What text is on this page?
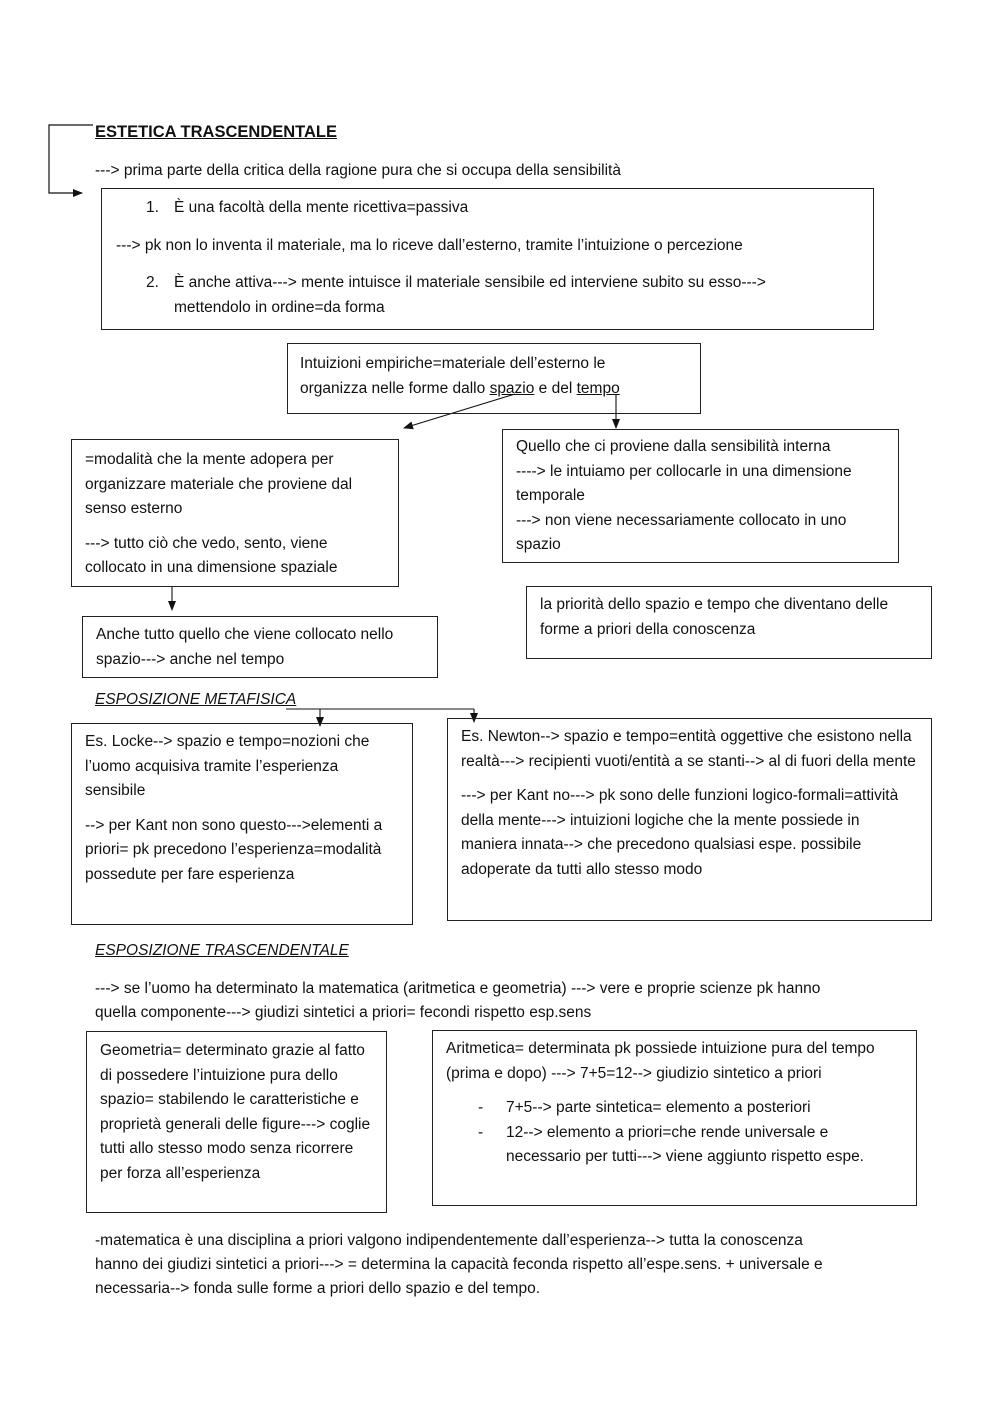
ESTETICA TRASCENDENTALE
---> prima parte della critica della ragione pura che si occupa della sensibilità
1. È una facoltà della mente ricettiva=passiva

---> pk non lo inventa il materiale, ma lo riceve dall’esterno, tramite l’intuizione o percezione

2. È anche attiva---> mente intuisce il materiale sensibile ed interviene subito su esso--->
mettendolo in ordine=da forma
Intuizioni empiriche=materiale dell’esterno le
organizza nelle forme dallo spazio e del tempo

=modalità che la mente adopera per organizzare materiale che proviene dal senso esterno

---> tutto ciò che vedo, sento, viene collocato in una dimensione spaziale

Quello che ci proviene dalla sensibilità interna
----> le intuiamo per collocarle in una dimensione temporale
---> non viene necessariamente collocato in uno spazio
Anche tutto quello che viene collocato nello spazio---> anche nel tempo
la priorità dello spazio e tempo che diventano delle forme a priori della conoscenza
ESPOSIZIONE METAFISICA

Es. Locke--> spazio e tempo=nozioni che l’uomo acquisiva tramite l’esperienza sensibile

--> per Kant non sono questo--->elementi a priori= pk precedono l’esperienza=modalità possedute per fare esperienza

Es. Newton--> spazio e tempo=entità oggettive che esistono nella realtà---> recipienti vuoti/entità a se stanti--> al di fuori della mente

---> per Kant no---> pk sono delle funzioni logico-formali=attività della mente---> intuizioni logiche che la mente possiede in maniera innata--> che precedono qualsiasi espe. possibile adoperate da tutti allo stesso modo

ESPOSIZIONE TRASCENDENTALE
---> se l’uomo ha determinato la matematica (aritmetica e geometria) ---> vere e proprie scienze pk hanno
quella componente---> giudizi sintetici a priori= fecondi rispetto esp.sens
Geometria= determinato grazie al fatto di possedere l’intuizione pura dello spazio= stabilendo le caratteristiche e proprietà generali delle figure---> coglie tutti allo stesso modo senza ricorrere per forza all’esperienza

Aritmetica= determinata pk possiede intuizione pura del tempo (prima e dopo) ---> 7+5=12--> giudizio sintetico a priori

- 7+5--> parte sintetica= elemento a posteriori
- 12--> elemento a priori=che rende universale e necessario per tutti---> viene aggiunto rispetto espe.
-matematica è una disciplina a priori valgono indipendentemente dall’esperienza--> tutta la conoscenza
hanno dei giudizi sintetici a priori---> = determina la capacità feconda rispetto all’espe.sens. + universale e
necessaria--> fonda sulle forme a priori dello spazio e del tempo.
